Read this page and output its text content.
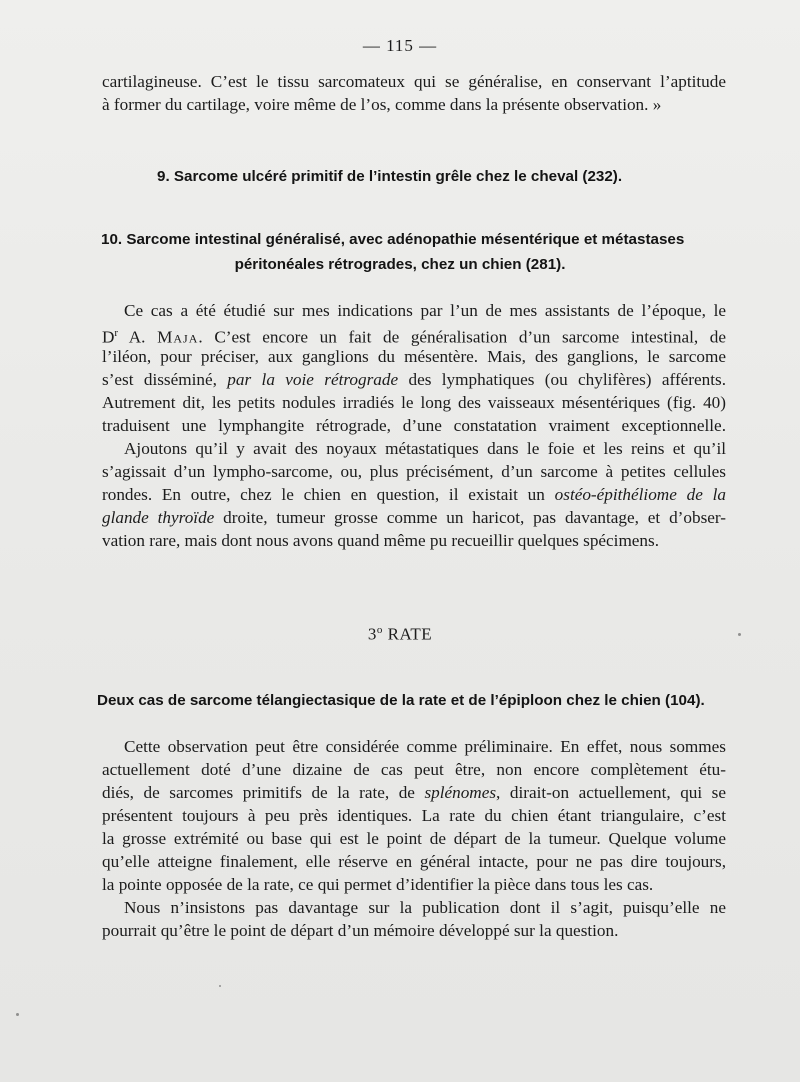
— 115 —
cartilagineuse. C’est le tissu sarcomateux qui se généralise, en conservant l’aptitude
à former du cartilage, voire même de l’os, comme dans la présente observation. »
9. Sarcome ulcéré primitif de l’intestin grêle chez le cheval (232).
10. Sarcome intestinal généralisé, avec adénopathie mésentérique et métastases
péritonéales rétrogrades, chez un chien (281).
Ce cas a été étudié sur mes indications par l’un de mes assistants de l’époque, le
$D^r$ A. Maja. C’est encore un fait de généralisation d’un sarcome intestinal, de
l’iléon, pour préciser, aux ganglions du mésentère. Mais, des ganglions, le sarcome
s’est disséminé, par la voie rétrograde des lymphatiques (ou chylifères) afférents.
Autrement dit, les petits nodules irradiés le long des vaisseaux mésentériques (fig. 40)
traduisent une lymphangite rétrograde, d’une constatation vraiment exceptionnelle.
Ajoutons qu’il y avait des noyaux métastatiques dans le foie et les reins et qu’il
s’agissait d’un lympho-sarcome, ou, plus précisément, d’un sarcome à petites cellules
rondes. En outre, chez le chien en question, il existait un ostéo-épithéliome de la
glande thyroïde droite, tumeur grosse comme un haricot, pas davantage, et d’obser-
vation rare, mais dont nous avons quand même pu recueillir quelques spécimens.
3$^o$ RATE
Deux cas de sarcome télangiectasique de la rate et de l’épiploon chez le chien (104).
Cette observation peut être considérée comme préliminaire. En effet, nous sommes
actuellement doté d’une dizaine de cas peut être, non encore complètement étu-
diés, de sarcomes primitifs de la rate, de splénomes, dirait-on actuellement, qui se
présentent toujours à peu près identiques. La rate du chien étant triangulaire, c’est
la grosse extrémité ou base qui est le point de départ de la tumeur. Quelque volume
qu’elle atteigne finalement, elle réserve en général intacte, pour ne pas dire toujours,
la pointe opposée de la rate, ce qui permet d’identifier la pièce dans tous les cas.
Nous n’insistons pas davantage sur la publication dont il s’agit, puisqu’elle ne
pourrait qu’être le point de départ d’un mémoire développé sur la question.
